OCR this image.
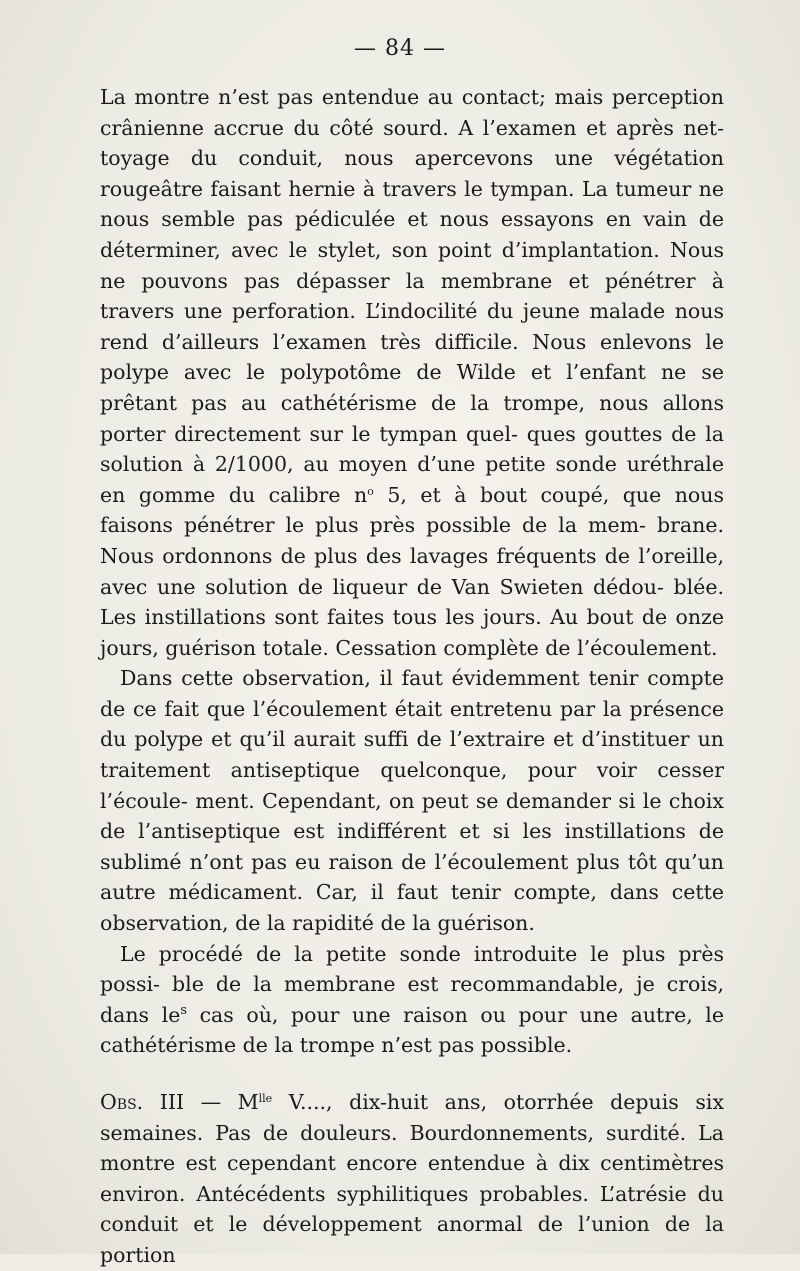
— 84 —

La montre n’est pas entendue au contact; mais perception crânienne accrue du côté sourd. A l’examen et après net- toyage du conduit, nous apercevons une végétation rougeâtre faisant hernie à travers le tympan. La tumeur ne nous semble pas pédiculée et nous essayons en vain de déterminer, avec le stylet, son point d’implantation. Nous ne pouvons pas dépasser la membrane et pénétrer à travers une perforation. L’indocilité du jeune malade nous rend d’ailleurs l’examen très difficile. Nous enlevons le polype avec le polypotôme de Wilde et l’enfant ne se prêtant pas au cathétérisme de la trompe, nous allons porter directement sur le tympan quel- ques gouttes de la solution à 2/1000, au moyen d’une petite sonde uréthrale en gomme du calibre $n^o$ 5, et à bout coupé, que nous faisons pénétrer le plus près possible de la mem- brane. Nous ordonnons de plus des lavages fréquents de l’oreille, avec une solution de liqueur de Van Swieten dédou- blée. Les instillations sont faites tous les jours. Au bout de onze jours, guérison totale. Cessation complète de l’écoulement.

Dans cette observation, il faut évidemment tenir compte de ce fait que l’écoulement était entretenu par la présence du polype et qu’il aurait suffi de l’extraire et d’instituer un traitement antiseptique quelconque, pour voir cesser l’écoule- ment. Cependant, on peut se demander si le choix de l’antiseptique est indifférent et si les instillations de sublimé n’ont pas eu raison de l’écoulement plus tôt qu’un autre médicament. Car, il faut tenir compte, dans cette observation, de la rapidité de la guérison.

Le procédé de la petite sonde introduite le plus près possi- ble de la membrane est recommandable, je crois, dans $le^s$ cas où, pour une raison ou pour une autre, le cathétérisme de la trompe n’est pas possible.

Obs. III — $M^{lle}$ V...., dix-huit ans, otorrhée depuis six semaines. Pas de douleurs. Bourdonnements, surdité. La montre est cependant encore entendue à dix centimètres environ. Antécédents syphilitiques probables. L’atrésie du conduit et le développement anormal de l’union de la portion
